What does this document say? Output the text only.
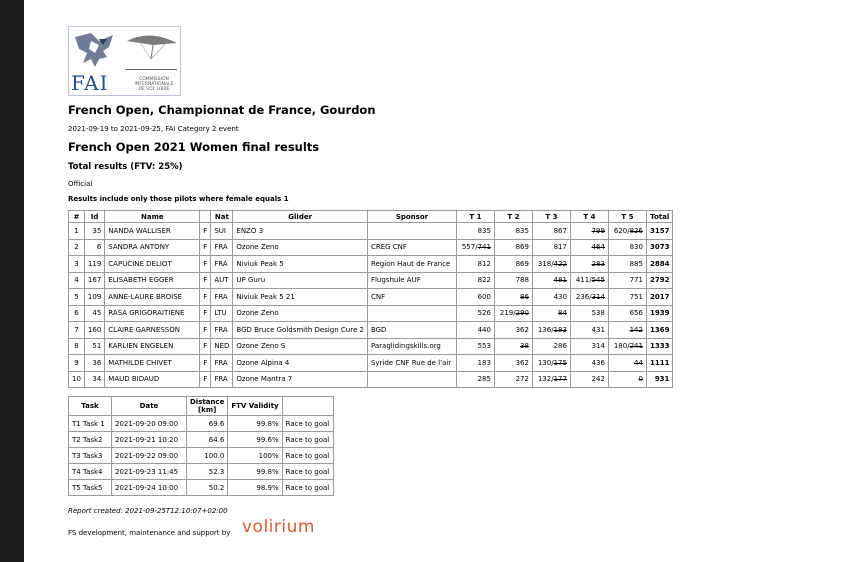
FAI	COMMISSION INTERNATIONALE DE VOL LIBRE
French Open, Championnat de France, Gourdon
2021-09-19 to 2021-09-25, FAI Category 2 event
French Open 2021 Women final results
Total results (FTV: 25%)
Official
Results include only those pilots where female equals 1
#	Id	Name		Nat	Glider	Sponsor	T 1	T 2	T 3	T 4	T 5	Total
1	35	NANDA WALLISER	F	SUI	ENZO 3		835	835	867	799	620/826	3157
2	6	SANDRA ANTONY	F	FRA	Ozone Zeno	CREG CNF	557/741	869	817	464	830	3073
3	119	CAPUCINE DELIOT	F	FRA	Niviuk Peak 5	Region Haut de France	812	869	318/422	283	885	2884
4	167	ELISABETH EGGER	F	AUT	UP Guru	Flugshule AUF	822	788	481	411/545	771	2792
5	109	ANNE-LAURE BROISE	F	FRA	Niviuk Peak 5 21	CNF	600	86	430	236/314	751	2017
6	45	RASA GRIGORAITIENE	F	LTU	Ozone Zeno		526	219/290	84	538	656	1939
7	160	CLAIRE GARNESSON	F	FRA	BGD Bruce Goldsmith Design Cure 2	BGD	440	362	136/183	431	142	1369
8	51	KARLIEN ENGELEN	F	NED	Ozone Zeno S	Paraglidingskills.org	553	38	286	314	180/241	1333
9	36	MATHILDE CHIVET	F	FRA	Ozone Alpina 4	Syride CNF Rue de l'air	183	362	130/175	436	44	1111
10	34	MAUD BIDAUD	F	FRA	Ozone Mantra 7		285	272	132/177	242	0	931
Task	Date	Distance [km]	FTV Validity	
T1 Task 1	2021-09-20 09:00	69.6	99.8%	Race to goal
T2 Task2	2021-09-21 10:20	64.6	99.6%	Race to goal
T3 Task3	2021-09-22 09:00	100.0	100%	Race to goal
T4 Task4	2021-09-23 11:45	52.3	99.8%	Race to goal
T5 Task5	2021-09-24 10:00	50.2	98.9%	Race to goal
Report created: 2021-09-25T12:10:07+02:00
FS development, maintenance and support by volirium
